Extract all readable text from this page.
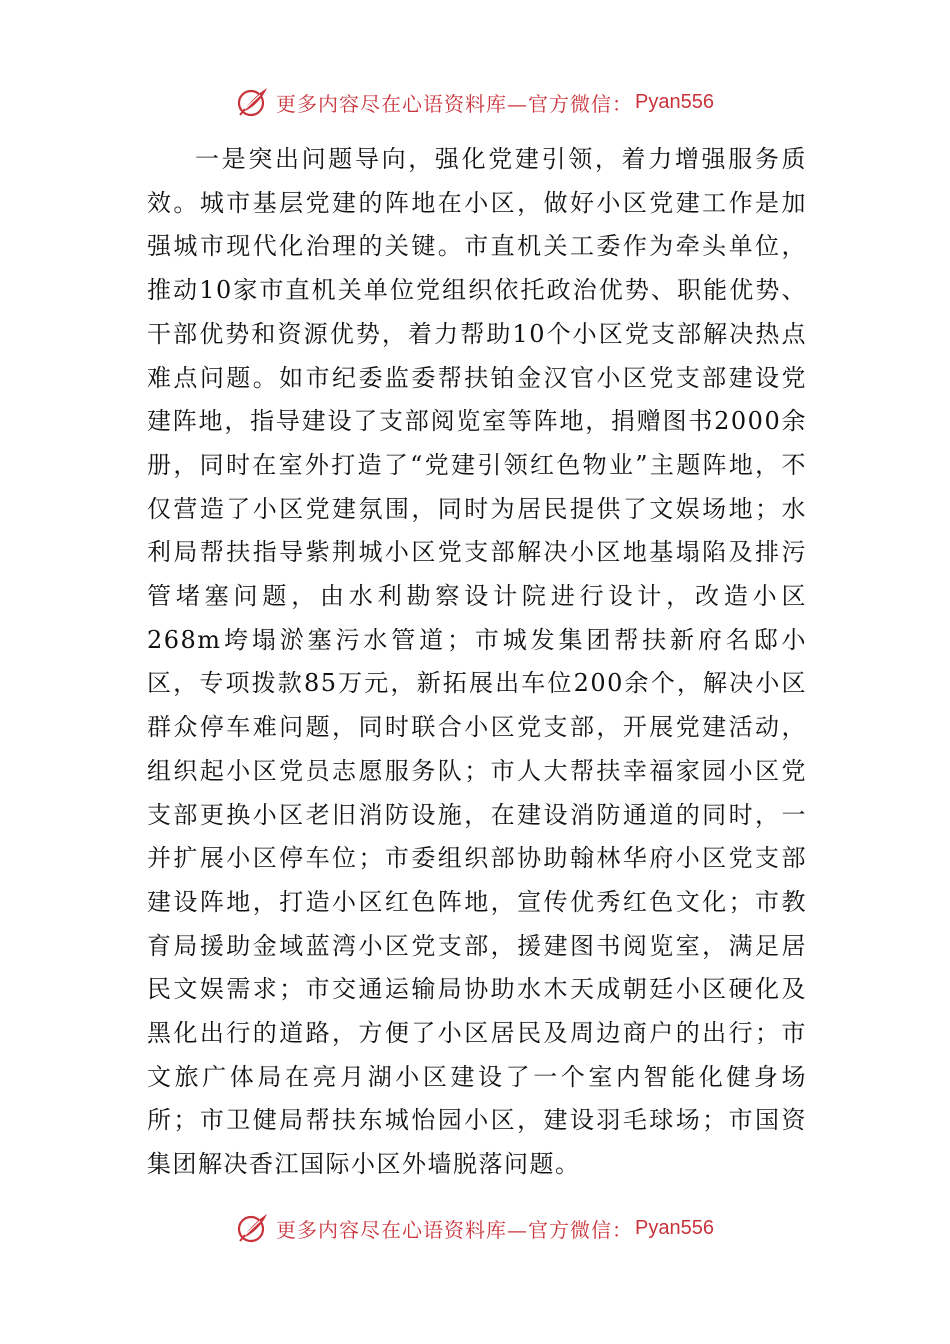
更多内容尽在心语资料库—官方微信： Pyan556

一是突出问题导向，强化党建引领，着力增强服务质效。城市基层党建的阵地在小区，做好小区党建工作是加强城市现代化治理的关键。市直机关工委作为牵头单位，推动10家市直机关单位党组织依托政治优势、职能优势、干部优势和资源优势，着力帮助10个小区党支部解决热点难点问题。如市纪委监委帮扶铂金汉官小区党支部建设党建阵地，指导建设了支部阅览室等阵地，捐赠图书2000余册，同时在室外打造了“党建引领红色物业”主题阵地，不仅营造了小区党建氛围，同时为居民提供了文娱场地；水利局帮扶指导紫荆城小区党支部解决小区地基塌陷及排污管堵塞问题，由水利勘察设计院进行设计，改造小区268m垮塌淤塞污水管道；市城发集团帮扶新府名邸小区，专项拨款85万元，新拓展出车位200余个，解决小区群众停车难问题，同时联合小区党支部，开展党建活动，组织起小区党员志愿服务队；市人大帮扶幸福家园小区党支部更换小区老旧消防设施，在建设消防通道的同时，一并扩展小区停车位；市委组织部协助翰林华府小区党支部建设阵地，打造小区红色阵地，宣传优秀红色文化；市教育局援助金域蓝湾小区党支部，援建图书阅览室，满足居民文娱需求；市交通运输局协助水木天成朝廷小区硬化及黑化出行的道路，方便了小区居民及周边商户的出行；市文旅广体局在亮月湖小区建设了一个室内智能化健身场所；市卫健局帮扶东城怡园小区，建设羽毛球场；市国资集团解决香江国际小区外墙脱落问题。

更多内容尽在心语资料库—官方微信： Pyan556
